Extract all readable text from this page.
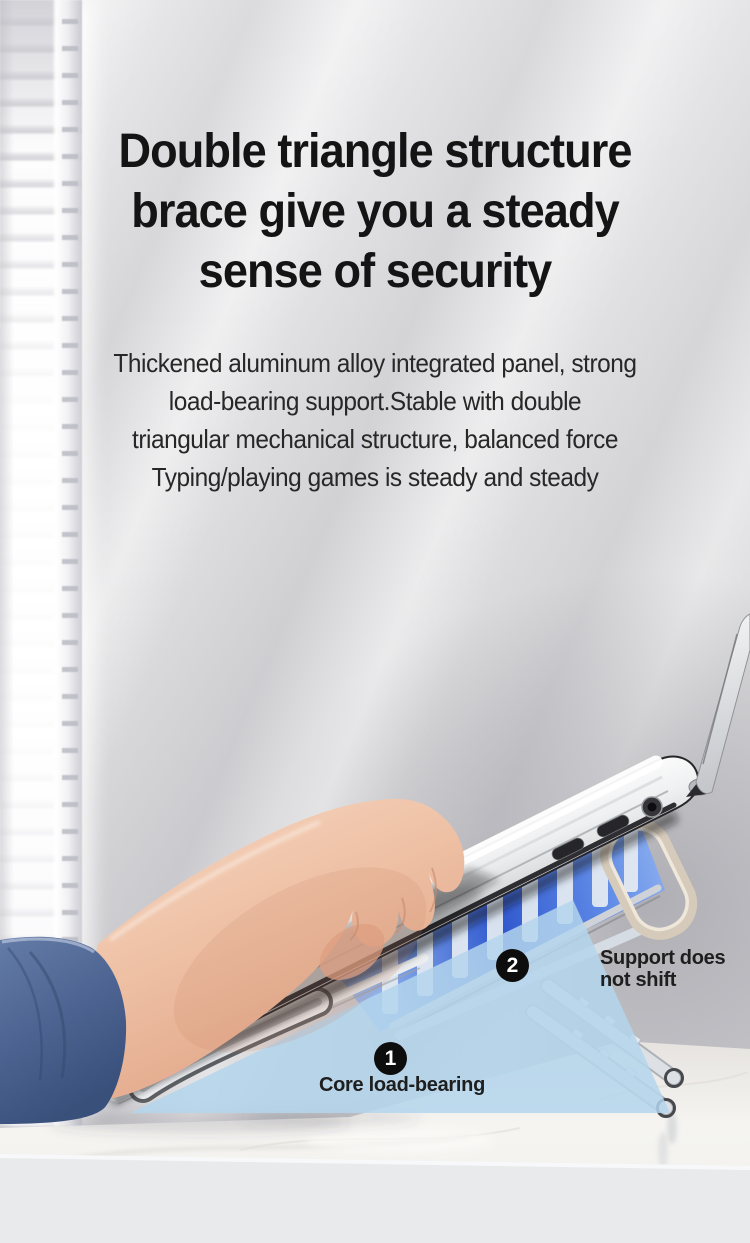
Double triangle structure
brace give you a steady
sense of security
Thickened aluminum alloy integrated panel, strong
load-bearing support.Stable with double
triangular mechanical structure, balanced force
Typing/playing games is steady and steady
2	Support does not shift
1
Core load-bearing
